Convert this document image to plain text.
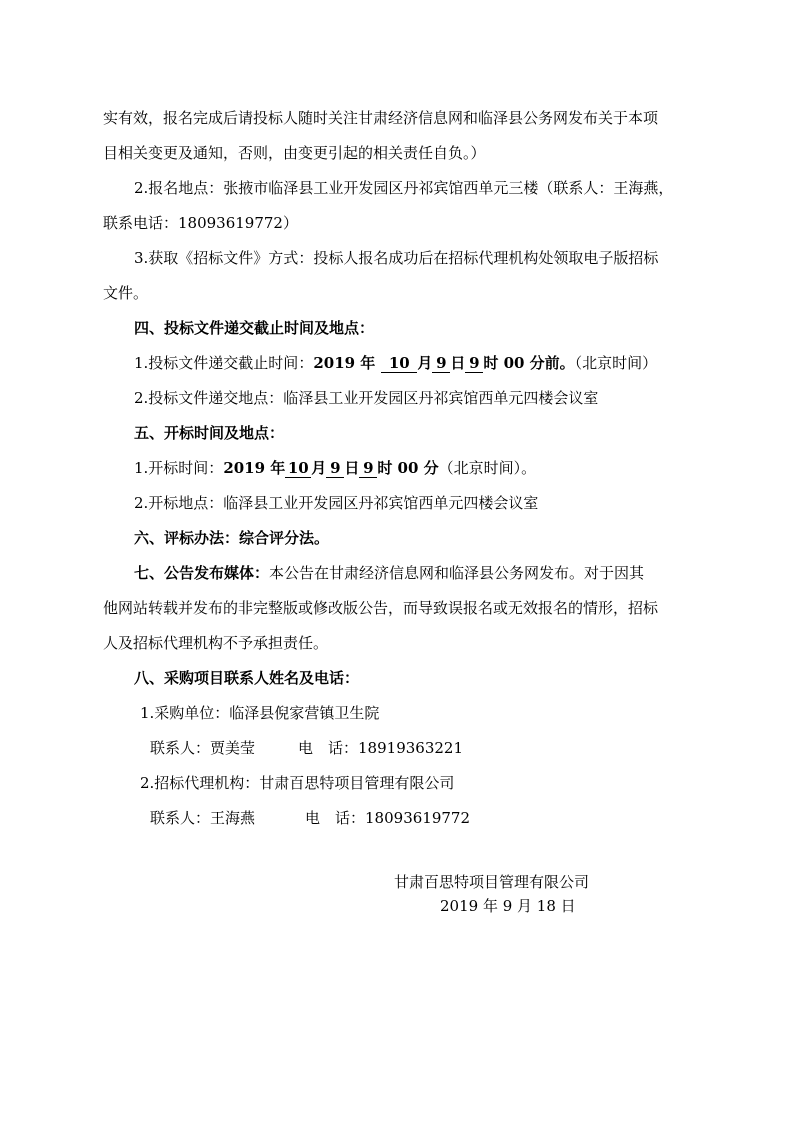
实有效，报名完成后请投标人随时关注甘肃经济信息网和临泽县公务网发布关于本项
目相关变更及通知，否则，由变更引起的相关责任自负。）
2.报名地点：张掖市临泽县工业开发园区丹祁宾馆西单元三楼（联系人：王海燕，
联系电话：18093619772）
3.获取《招标文件》方式：投标人报名成功后在招标代理机构处领取电子版招标
文件。
四、投标文件递交截止时间及地点：
1.投标文件递交截止时间：2019 年 10 月 9 日 9 时 00 分前。（北京时间）
2.投标文件递交地点：临泽县工业开发园区丹祁宾馆西单元四楼会议室
五、开标时间及地点：
1.开标时间：2019 年 10 月 9 日 9 时 00 分（北京时间）。
2.开标地点：临泽县工业开发园区丹祁宾馆西单元四楼会议室
六、评标办法：综合评分法。
七、公告发布媒体：本公告在甘肃经济信息网和临泽县公务网发布。对于因其
他网站转载并发布的非完整版或修改版公告，而导致误报名或无效报名的情形，招标
人及招标代理机构不予承担责任。
八、采购项目联系人姓名及电话：
1.采购单位：临泽县倪家营镇卫生院
联系人：贾美莹	电　话：18919363221
2.招标代理机构：甘肃百思特项目管理有限公司
联系人：王海燕	电　话：18093619772
甘肃百思特项目管理有限公司
2019 年 9 月 18 日
